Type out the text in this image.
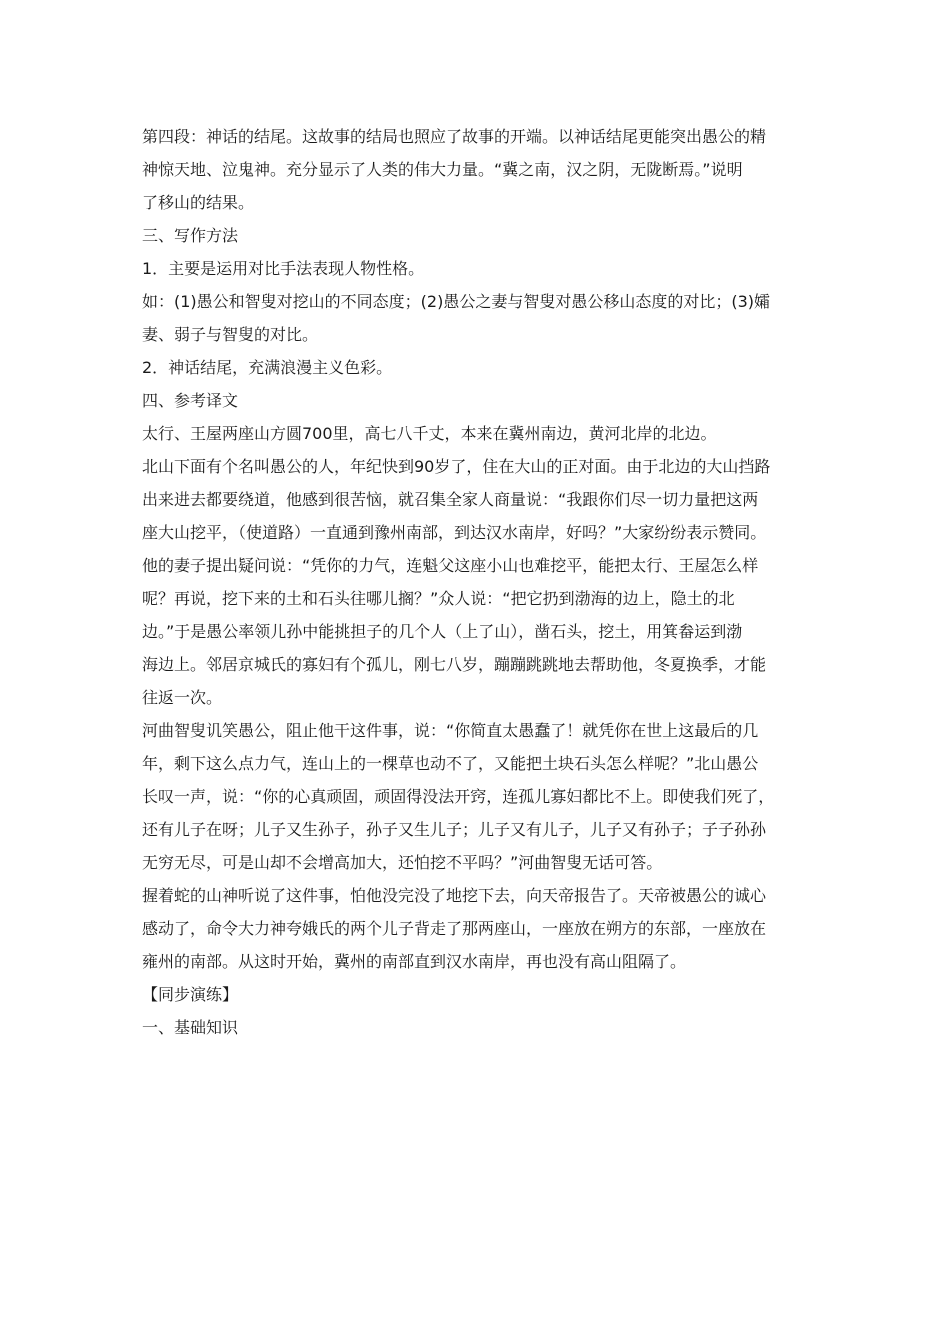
第四段：神话的结尾。这故事的结局也照应了故事的开端。以神话结尾更能突出愚公的精
神惊天地、泣鬼神。充分显示了人类的伟大力量。“冀之南，汉之阴，无陇断焉。”说明
了移山的结果。
三、写作方法
1．主要是运用对比手法表现人物性格。
如：(1)愚公和智叟对挖山的不同态度；(2)愚公之妻与智叟对愚公移山态度的对比；(3)孀
妻、弱子与智叟的对比。
2．神话结尾，充满浪漫主义色彩。
四、参考译文
太行、王屋两座山方圆700里，高七八千丈，本来在冀州南边，黄河北岸的北边。
北山下面有个名叫愚公的人，年纪快到90岁了，住在大山的正对面。由于北边的大山挡路
出来进去都要绕道，他感到很苦恼，就召集全家人商量说：“我跟你们尽一切力量把这两
座大山挖平，（使道路）一直通到豫州南部，到达汉水南岸，好吗？”大家纷纷表示赞同。
他的妻子提出疑问说：“凭你的力气，连魁父这座小山也难挖平，能把太行、王屋怎么样
呢？再说，挖下来的土和石头往哪儿搁？”众人说：“把它扔到渤海的边上，隐土的北
边。”于是愚公率领儿孙中能挑担子的几个人（上了山），凿石头，挖土，用箕畚运到渤
海边上。邻居京城氏的寡妇有个孤儿，刚七八岁，蹦蹦跳跳地去帮助他，冬夏换季，才能
往返一次。
河曲智叟讥笑愚公，阻止他干这件事，说：“你简直太愚蠢了！就凭你在世上这最后的几
年，剩下这么点力气，连山上的一棵草也动不了，又能把土块石头怎么样呢？”北山愚公
长叹一声，说：“你的心真顽固，顽固得没法开窍，连孤儿寡妇都比不上。即使我们死了，
还有儿子在呀；儿子又生孙子，孙子又生儿子；儿子又有儿子，儿子又有孙子；子子孙孙
无穷无尽，可是山却不会增高加大，还怕挖不平吗？”河曲智叟无话可答。
握着蛇的山神听说了这件事，怕他没完没了地挖下去，向天帝报告了。天帝被愚公的诚心
感动了，命令大力神夸娥氏的两个儿子背走了那两座山，一座放在朔方的东部，一座放在
雍州的南部。从这时开始，冀州的南部直到汉水南岸，再也没有高山阻隔了。
【同步演练】
一、基础知识
